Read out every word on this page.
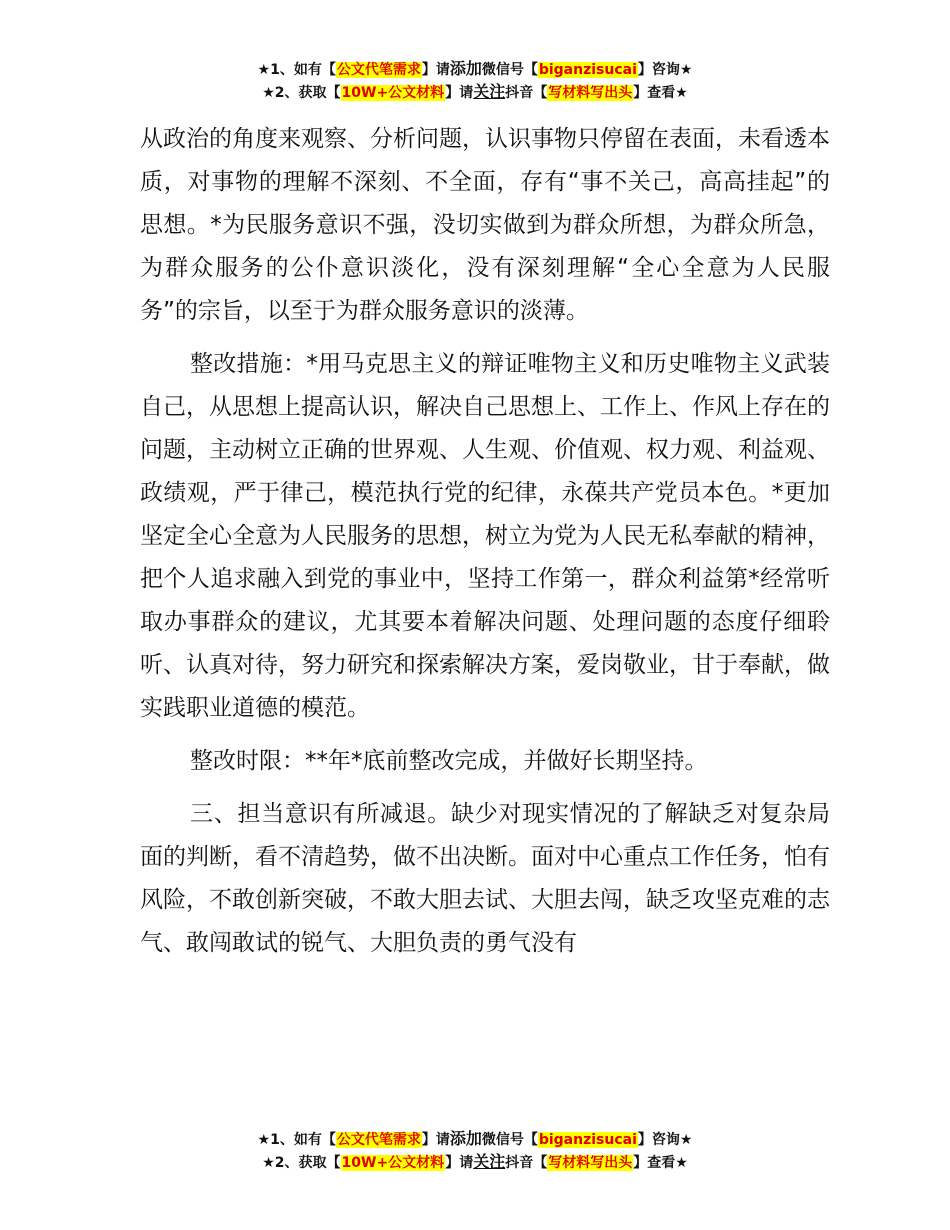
★1、如有【公文代笔需求】请添加微信号【biganzisucai】咨询★
★2、获取【10W+公文材料】请关注抖音【写材料写出头】查看★

从政治的角度来观察、分析问题，认识事物只停留在表面，未看透本质，对事物的理解不深刻、不全面，存有“事不关己，高高挂起”的思想。*为民服务意识不强，没切实做到为群众所想，为群众所急，为群众服务的公仆意识淡化，没有深刻理解“全心全意为人民服务”的宗旨，以至于为群众服务意识的淡薄。

整改措施：*用马克思主义的辩证唯物主义和历史唯物主义武装自己，从思想上提高认识，解决自己思想上、工作上、作风上存在的问题，主动树立正确的世界观、人生观、价值观、权力观、利益观、政绩观，严于律己，模范执行党的纪律，永葆共产党员本色。*更加坚定全心全意为人民服务的思想，树立为党为人民无私奉献的精神，把个人追求融入到党的事业中，坚持工作第一，群众利益第*经常听取办事群众的建议，尤其要本着解决问题、处理问题的态度仔细聆听、认真对待，努力研究和探索解决方案，爱岗敬业，甘于奉献，做实践职业道德的模范。

整改时限：**年*底前整改完成，并做好长期坚持。

三、担当意识有所减退。缺少对现实情况的了解缺乏对复杂局面的判断，看不清趋势，做不出决断。面对中心重点工作任务，怕有风险，不敢创新突破，不敢大胆去试、大胆去闯，缺乏攻坚克难的志气、敢闯敢试的锐气、大胆负责的勇气没有

★1、如有【公文代笔需求】请添加微信号【biganzisucai】咨询★
★2、获取【10W+公文材料】请关注抖音【写材料写出头】查看★
